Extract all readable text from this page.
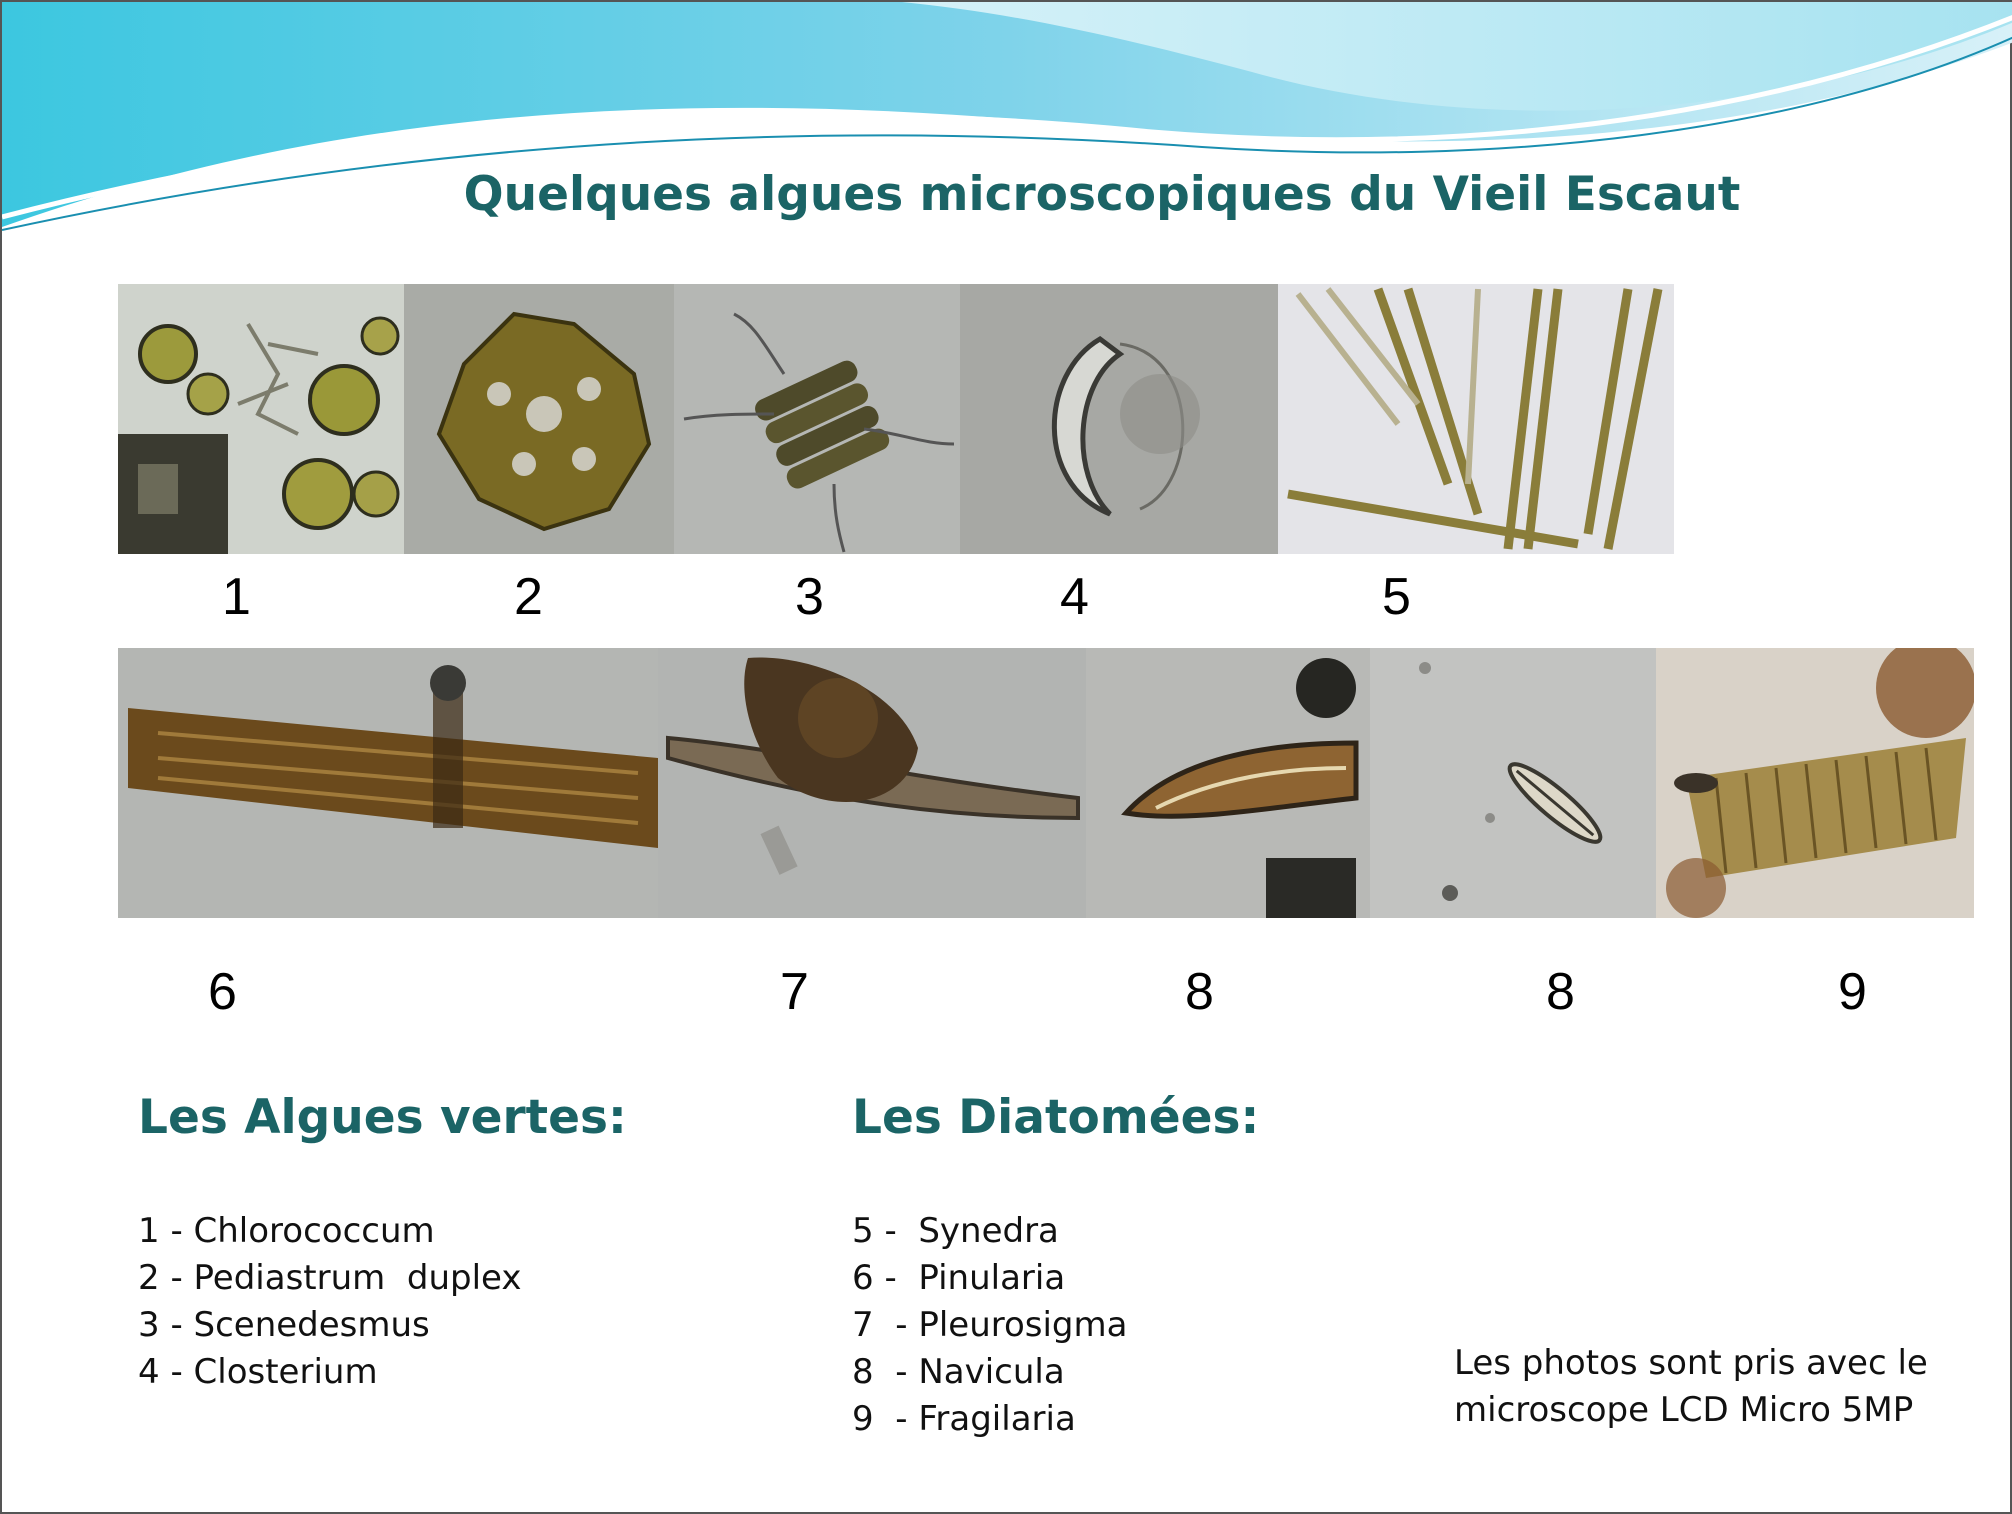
Quelques algues microscopiques du Vieil Escaut
1	2	3	4	5
6	7	8	8	9
Les Algues vertes:
1 - Chlorococcum
2 - Pediastrum  duplex
3 - Scenedesmus
4 - Closterium
Les Diatomées:
5 -  Synedra
6 -  Pinularia
7  - Pleurosigma
8  - Navicula
9  - Fragilaria
Les photos sont pris avec le
microscope LCD Micro 5MP
